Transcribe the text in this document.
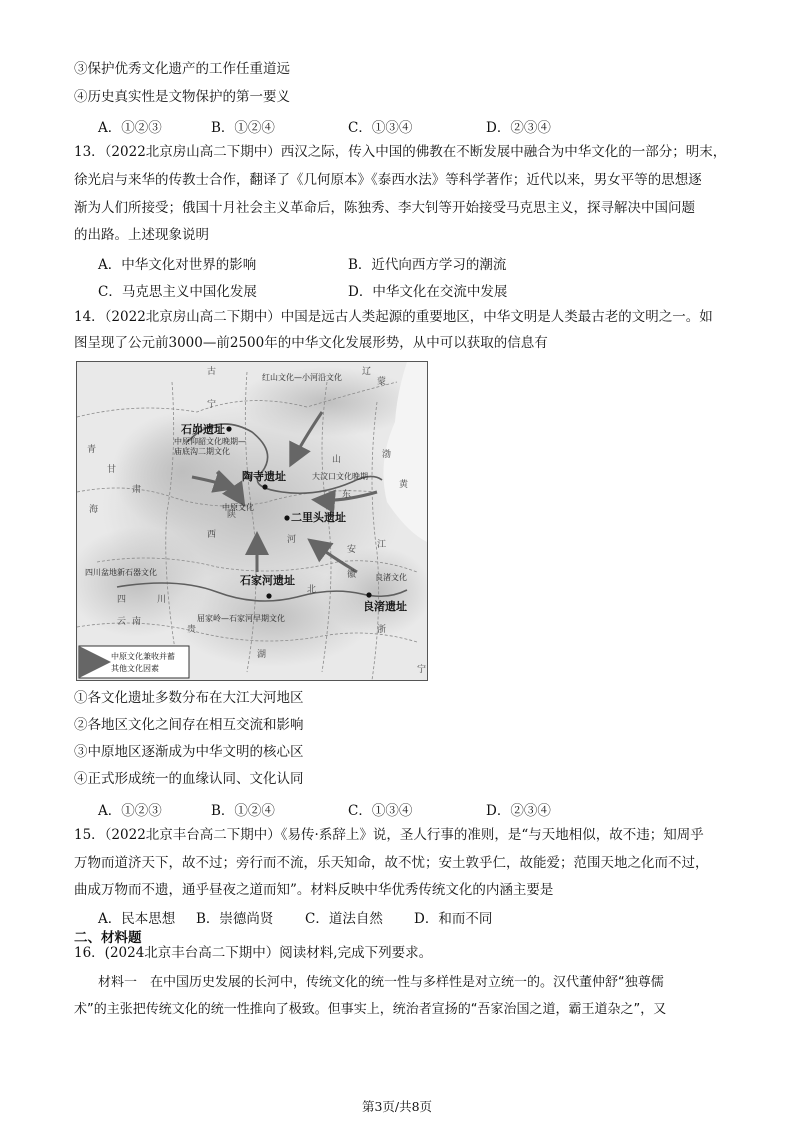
③保护优秀文化遗产的工作任重道远
④历史真实性是文物保护的第一要义
A．①②③	B．①②④	C．①③④	D．②③④
13．（2022北京房山高二下期中）西汉之际，传入中国的佛教在不断发展中融合为中华文化的一部分；明末，
徐光启与来华的传教士合作，翻译了《几何原本》《泰西水法》等科学著作；近代以来，男女平等的思想逐
渐为人们所接受；俄国十月社会主义革命后，陈独秀、李大钊等开始接受马克思主义，探寻解决中国问题
的出路。上述现象说明
A．中华文化对世界的影响	B．近代向西方学习的潮流
C．马克思主义中国化发展	D．中华文化在交流中发展
14．（2022北京房山高二下期中）中国是远古人类起源的重要地区，中华文明是人类最古老的文明之一。如
图呈现了公元前3000—前2500年的中华文化发展形势，从中可以获取的信息有
石峁遗址
陶寺遗址
二里头遗址
石家河遗址
良渚遗址
红山文化—小河沿文化
中原文化
大汶口文化晚期
四川盆地新石器文化
屈家岭—石家河早期文化
良渚文化
中原仰韶文化晚期—
庙底沟二期文化
古
蒙
辽
宁
陕
甘
肃
青
海
西
四	川
云 南
贵
湖
北
江
安
徽
浙
河
山
东
黄
渤
宁
中原文化兼收并蓄
其他文化因素
①各文化遗址多数分布在大江大河地区
②各地区文化之间存在相互交流和影响
③中原地区逐渐成为中华文明的核心区
④正式形成统一的血缘认同、文化认同
A．①②③	B．①②④	C．①③④	D．②③④
15．（2022北京丰台高二下期中）《易传·系辞上》说，圣人行事的准则，是“与天地相似，故不违；知周乎
万物而道济天下，故不过；旁行而不流，乐天知命，故不忧；安土敦乎仁，故能爱；范围天地之化而不过，
曲成万物而不遗，通乎昼夜之道而知”。材料反映中华优秀传统文化的内涵主要是
A．民本思想 B．崇德尚贤 C．道法自然 D．和而不同
二、材料题
16．(2024北京丰台高二下期中）阅读材料,完成下列要求。
材料一　在中国历史发展的长河中，传统文化的统一性与多样性是对立统一的。汉代董仲舒“独尊儒
术”的主张把传统文化的统一性推向了极致。但事实上，统治者宣扬的“吾家治国之道，霸王道杂之”，又
第3页/共8页
